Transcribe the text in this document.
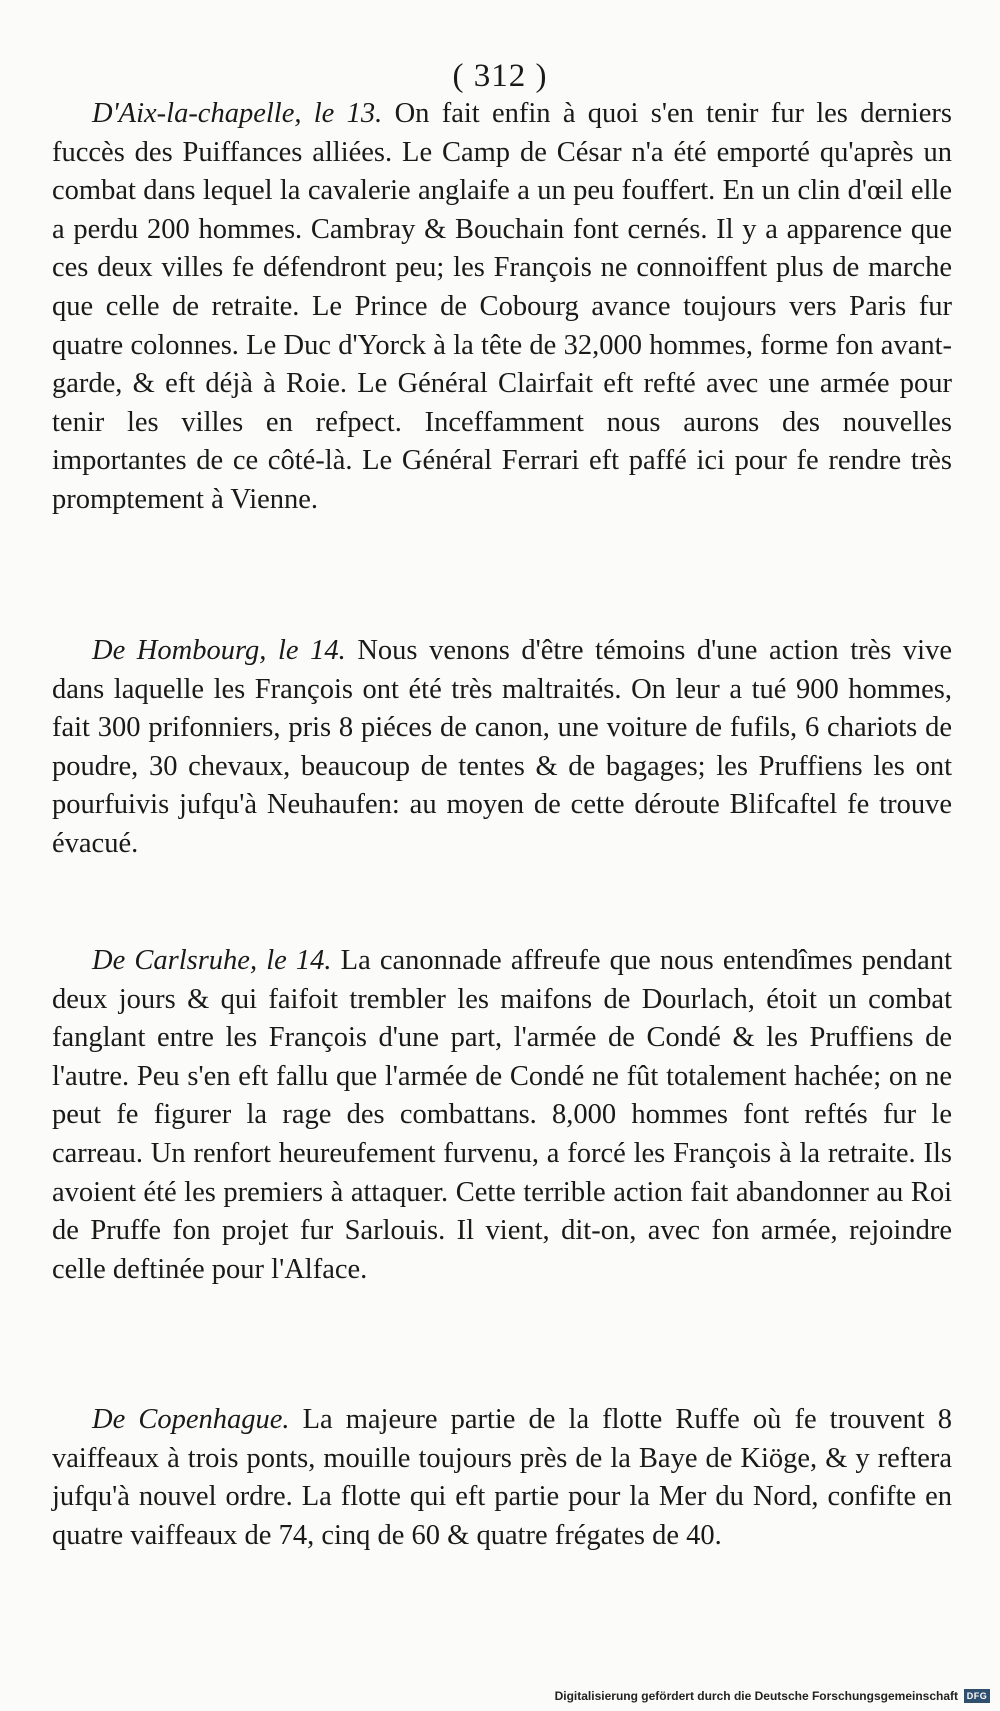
( 312 )

D'Aix-la-chapelle, le 13. On fait enfin à quoi s'en tenir fur les derniers fuccès des Puiffances alliées. Le Camp de César n'a été emporté qu'après un combat dans lequel la cavalerie anglaife a un peu fouffert. En un clin d'œil elle a perdu 200 hommes. Cambray & Bouchain font cernés. Il y a apparence que ces deux villes fe défendront peu; les François ne connoiffent plus de marche que celle de retraite. Le Prince de Cobourg avance toujours vers Paris fur quatre colonnes. Le Duc d'Yorck à la tête de 32,000 hommes, forme fon avant-garde, & eft déjà à Roie. Le Général Clairfait eft refté avec une armée pour tenir les villes en refpect. Inceffamment nous aurons des nouvelles importantes de ce côté-là. Le Général Ferrari eft paffé ici pour fe rendre très promptement à Vienne.

De Hombourg, le 14. Nous venons d'être témoins d'une action très vive dans laquelle les François ont été très maltraités. On leur a tué 900 hommes, fait 300 prifonniers, pris 8 piéces de canon, une voiture de fufils, 6 chariots de poudre, 30 chevaux, beaucoup de tentes & de bagages; les Pruffiens les ont pourfuivis jufqu'à Neuhaufen: au moyen de cette déroute Blifcaftel fe trouve évacué.

De Carlsruhe, le 14. La canonnade affreufe que nous entendîmes pendant deux jours & qui faifoit trembler les maifons de Dourlach, étoit un combat fanglant entre les François d'une part, l'armée de Condé & les Pruffiens de l'autre. Peu s'en eft fallu que l'armée de Condé ne fût totalement hachée; on ne peut fe figurer la rage des combattans. 8,000 hommes font reftés fur le carreau. Un renfort heureufement furvenu, a forcé les François à la retraite. Ils avoient été les premiers à attaquer. Cette terrible action fait abandonner au Roi de Pruffe fon projet fur Sarlouis. Il vient, dit-on, avec fon armée, rejoindre celle deftinée pour l'Alface.

De Copenhague. La majeure partie de la flotte Ruffe où fe trouvent 8 vaiffeaux à trois ponts, mouille toujours près de la Baye de Kiöge, & y reftera jufqu'à nouvel ordre. La flotte qui eft partie pour la Mer du Nord, confifte en quatre vaiffeaux de 74, cinq de 60 & quatre frégates de 40.

Digitalisierung gefördert durch die Deutsche Forschungsgemeinschaft DFG
